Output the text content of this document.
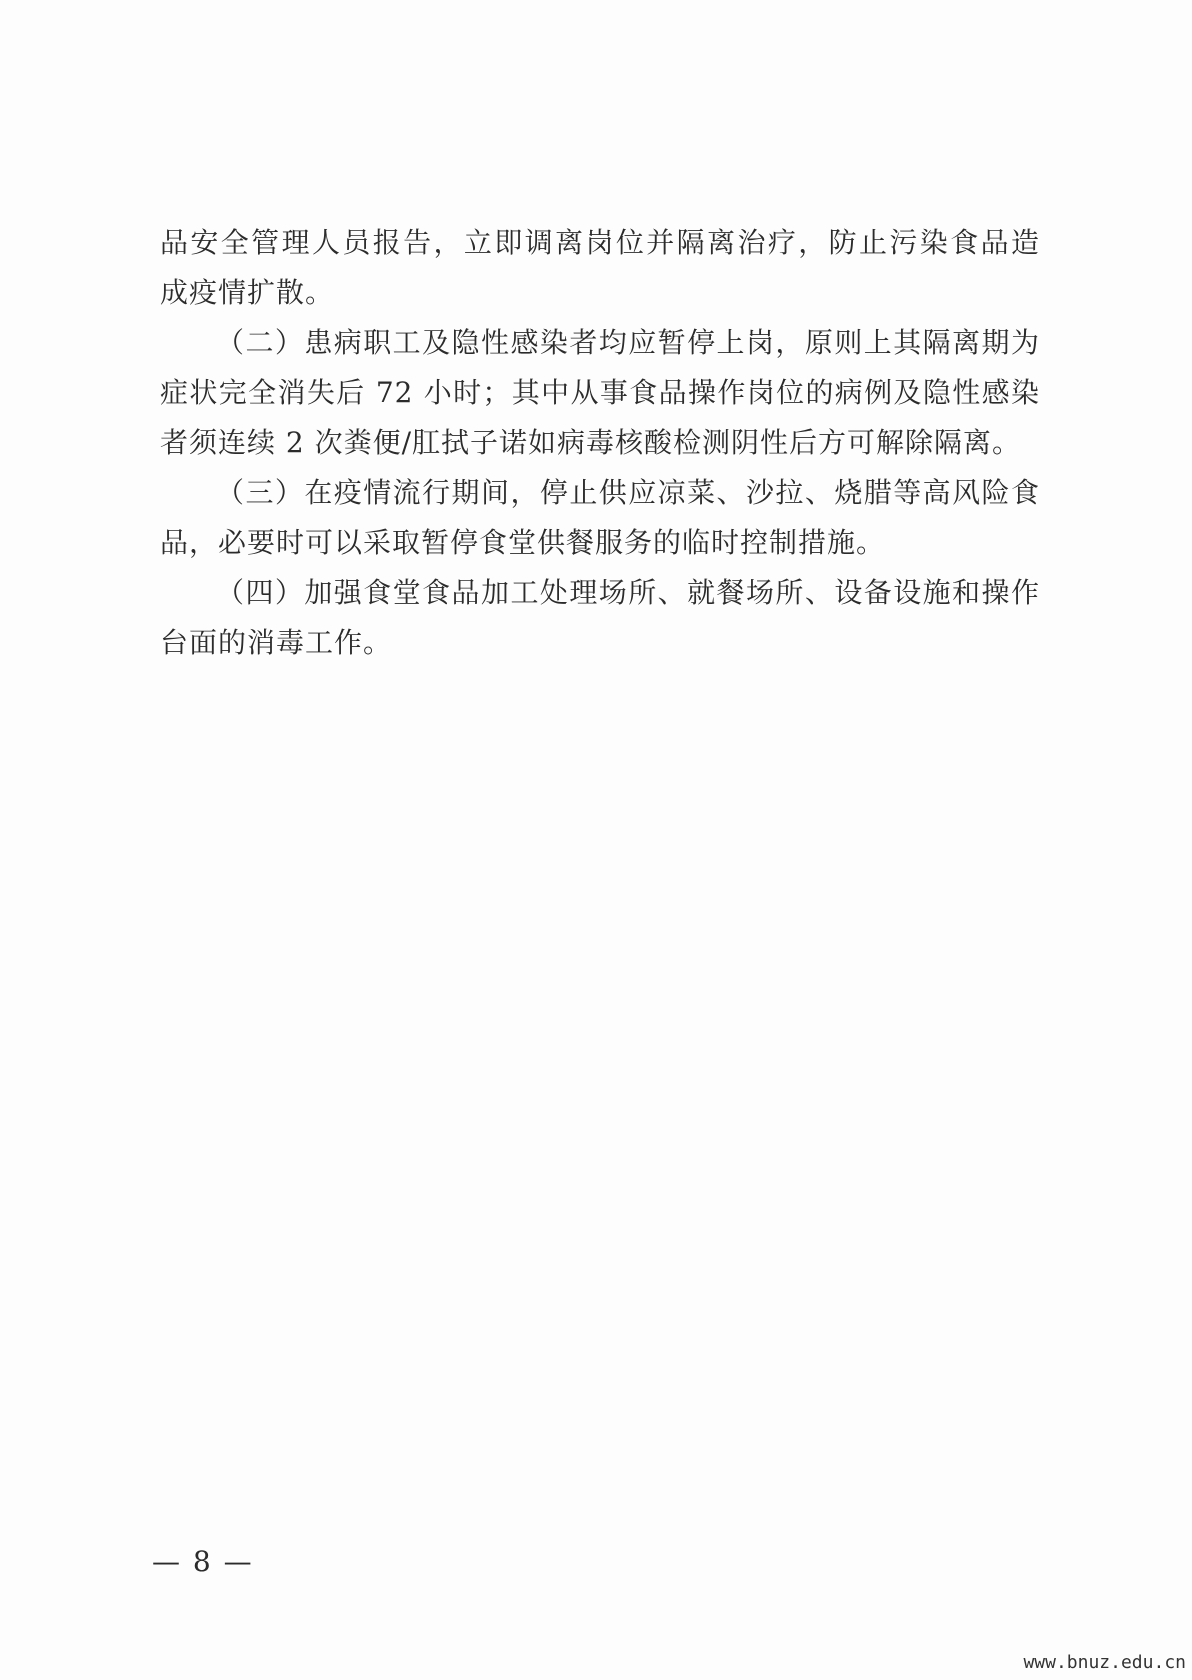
品安全管理人员报告，立即调离岗位并隔离治疗，防止污染食品造
成疫情扩散。
（二）患病职工及隐性感染者均应暂停上岗，原则上其隔离期为
症状完全消失后 72 小时；其中从事食品操作岗位的病例及隐性感染
者须连续 2 次粪便/肛拭子诺如病毒核酸检测阴性后方可解除隔离。
（三）在疫情流行期间，停止供应凉菜、沙拉、烧腊等高风险食
品，必要时可以采取暂停食堂供餐服务的临时控制措施。
（四）加强食堂食品加工处理场所、就餐场所、设备设施和操作
台面的消毒工作。
— 8 —
www.bnuz.edu.cn
